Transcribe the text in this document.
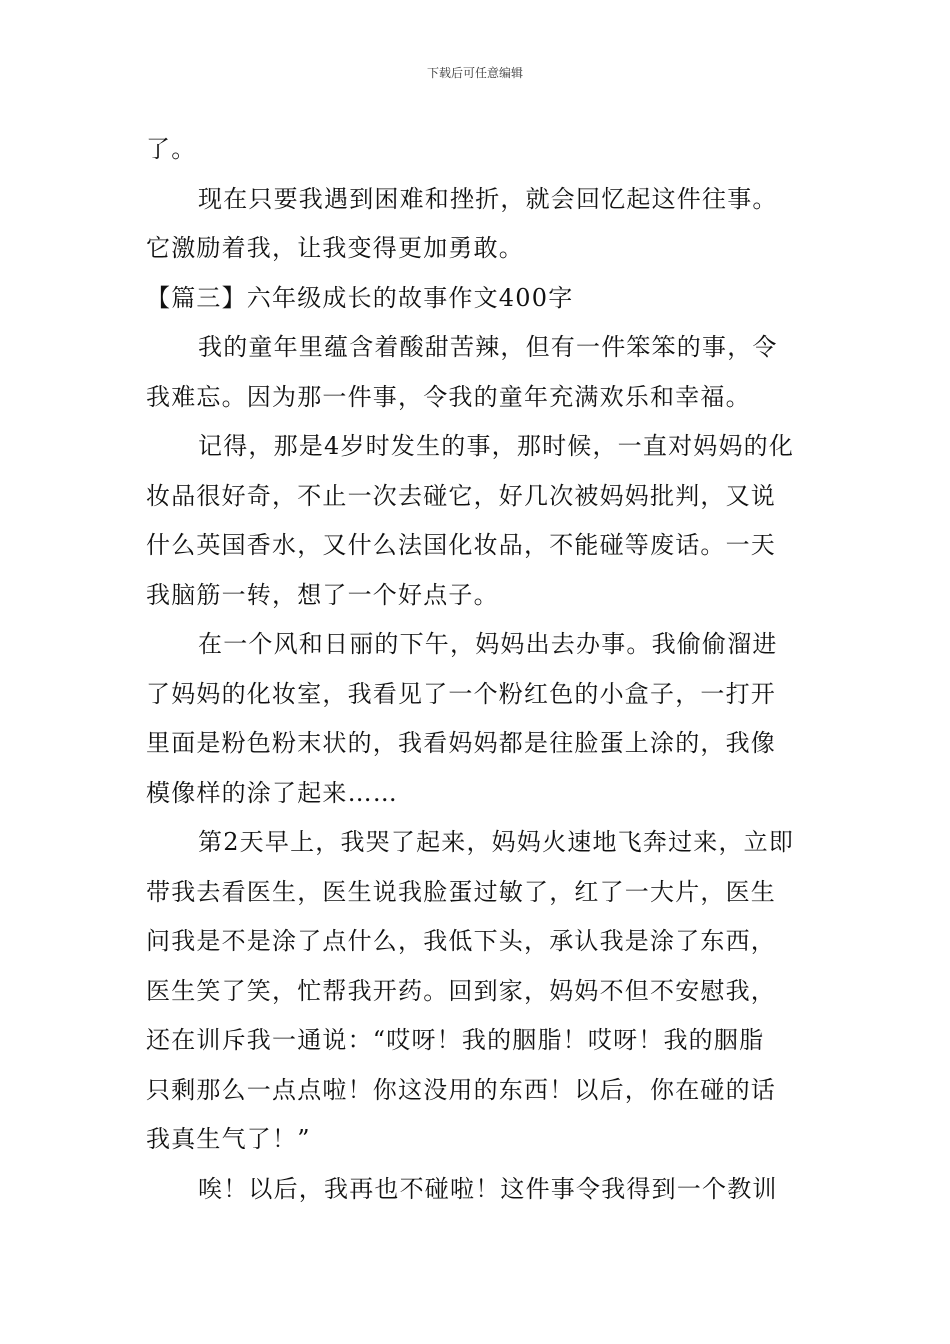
下载后可任意编辑
了。
现在只要我遇到困难和挫折，就会回忆起这件往事。
它激励着我，让我变得更加勇敢。
【篇三】六年级成长的故事作文400字
我的童年里蕴含着酸甜苦辣，但有一件笨笨的事，令
我难忘。因为那一件事，令我的童年充满欢乐和幸福。
记得，那是4岁时发生的事，那时候，一直对妈妈的化
妆品很好奇，不止一次去碰它，好几次被妈妈批判，又说
什么英国香水，又什么法国化妆品，不能碰等废话。一天
我脑筋一转，想了一个好点子。
在一个风和日丽的下午，妈妈出去办事。我偷偷溜进
了妈妈的化妆室，我看见了一个粉红色的小盒子，一打开
里面是粉色粉末状的，我看妈妈都是往脸蛋上涂的，我像
模像样的涂了起来……
第2天早上，我哭了起来，妈妈火速地飞奔过来，立即
带我去看医生，医生说我脸蛋过敏了，红了一大片，医生
问我是不是涂了点什么，我低下头，承认我是涂了东西，
医生笑了笑，忙帮我开药。回到家，妈妈不但不安慰我，
还在训斥我一通说：“哎呀！我的胭脂！哎呀！我的胭脂
只剩那么一点点啦！你这没用的东西！以后，你在碰的话
我真生气了！”
唉！以后，我再也不碰啦！这件事令我得到一个教训
